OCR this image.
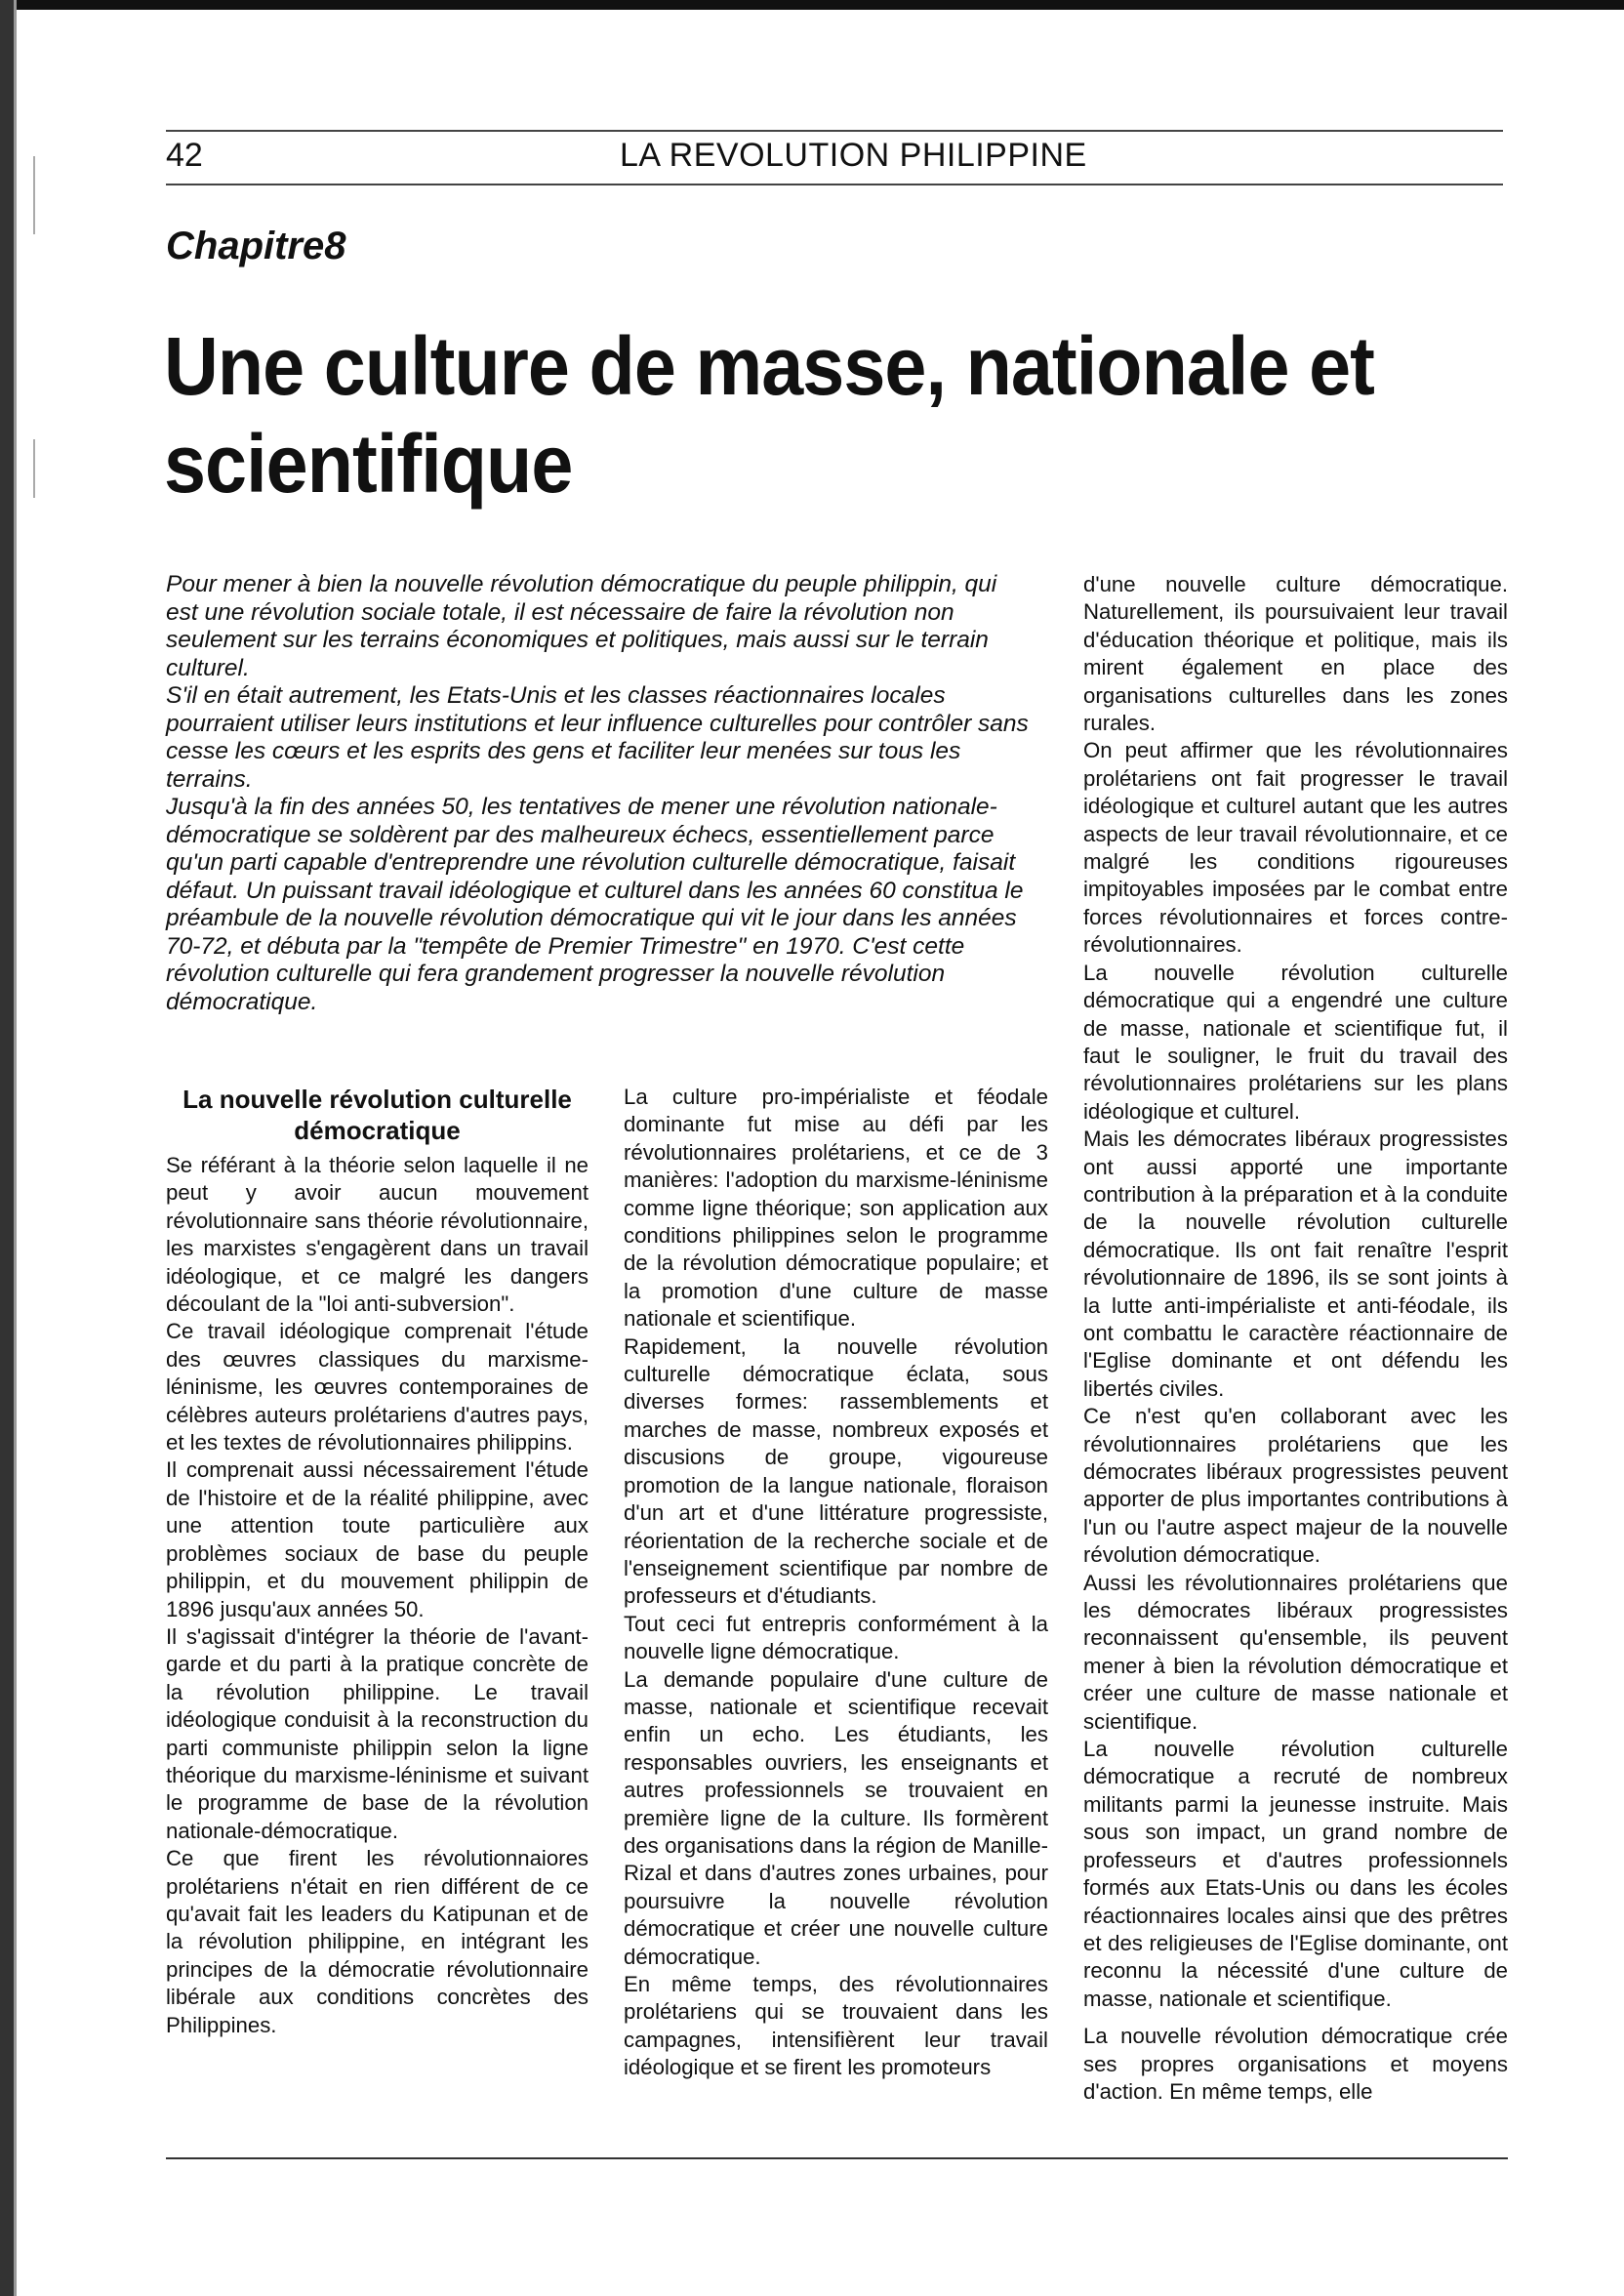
42	LA REVOLUTION PHILIPPINE
Chapitre8
Une culture de masse, nationale et scientifique

Pour mener à bien la nouvelle révolution démocratique du peuple philippin, qui est une révolution sociale totale, il est nécessaire de faire la révolution non seulement sur les terrains économiques et politiques, mais aussi sur le terrain culturel.

S'il en était autrement, les Etats-Unis et les classes réactionnaires locales pourraient utiliser leurs institutions et leur influence culturelles pour contrôler sans cesse les cœurs et les esprits des gens et faciliter leur menées sur tous les terrains.

Jusqu'à la fin des années 50, les tentatives de mener une révolution nationale-démocratique se soldèrent par des malheureux échecs, essentiellement parce qu'un parti capable d'entreprendre une révolution culturelle démocratique, faisait défaut. Un puissant travail idéologique et culturel dans les années 60 constitua le préambule de la nouvelle révolution démocratique qui vit le jour dans les années 70-72, et débuta par la "tempête de Premier Trimestre" en 1970. C'est cette révolution culturelle qui fera grandement progresser la nouvelle révolution démocratique.

La nouvelle révolution culturelle démocratique

Se référant à la théorie selon laquelle il ne peut y avoir aucun mouvement révolutionnaire sans théorie révolutionnaire, les marxistes s'engagèrent dans un travail idéologique, et ce malgré les dangers découlant de la "loi anti-subversion".

Ce travail idéologique comprenait l'étude des œuvres classiques du marxisme-léninisme, les œuvres contemporaines de célèbres auteurs prolétariens d'autres pays, et les textes de révolutionnaires philippins.

Il comprenait aussi nécessairement l'étude de l'histoire et de la réalité philippine, avec une attention toute particulière aux problèmes sociaux de base du peuple philippin, et du mouvement philippin de 1896 jusqu'aux années 50.

Il s'agissait d'intégrer la théorie de l'avant-garde et du parti à la pratique concrète de la révolution philippine. Le travail idéologique conduisit à la reconstruction du parti communiste philippin selon la ligne théorique du marxisme-léninisme et suivant le programme de base de la révolution nationale-démocratique.

Ce que firent les révolutionnaiores prolétariens n'était en rien différent de ce qu'avait fait les leaders du Katipunan et de la révolution philippine, en intégrant les principes de la démocratie révolutionnaire libérale aux conditions concrètes des Philippines.

La culture pro-impérialiste et féodale dominante fut mise au défi par les révolutionnaires prolétariens, et ce de 3 manières: l'adoption du marxisme-léninisme comme ligne théorique; son application aux conditions philippines selon le programme de la révolution démocratique populaire; et la promotion d'une culture de masse nationale et scientifique.

Rapidement, la nouvelle révolution culturelle démocratique éclata, sous diverses formes: rassemblements et marches de masse, nombreux exposés et discusions de groupe, vigoureuse promotion de la langue nationale, floraison d'un art et d'une littérature progressiste, réorientation de la recherche sociale et de l'enseignement scientifique par nombre de professeurs et d'étudiants.

Tout ceci fut entrepris conformément à la nouvelle ligne démocratique.

La demande populaire d'une culture de masse, nationale et scientifique recevait enfin un echo. Les étudiants, les responsables ouvriers, les enseignants et autres professionnels se trouvaient en première ligne de la culture. Ils formèrent des organisations dans la région de Manille-Rizal et dans d'autres zones urbaines, pour poursuivre la nouvelle révolution démocratique et créer une nouvelle culture démocratique.

En même temps, des révolutionnaires prolétariens qui se trouvaient dans les campagnes, intensifièrent leur travail idéologique et se firent les promoteurs

d'une nouvelle culture démocratique. Naturellement, ils poursuivaient leur travail d'éducation théorique et politique, mais ils mirent également en place des organisations culturelles dans les zones rurales.

On peut affirmer que les révolutionnaires prolétariens ont fait progresser le travail idéologique et culturel autant que les autres aspects de leur travail révolutionnaire, et ce malgré les conditions rigoureuses impitoyables imposées par le combat entre forces révolutionnaires et forces contre-révolutionnaires.

La nouvelle révolution culturelle démocratique qui a engendré une culture de masse, nationale et scientifique fut, il faut le souligner, le fruit du travail des révolutionnaires prolétariens sur les plans idéologique et culturel.

Mais les démocrates libéraux progressistes ont aussi apporté une importante contribution à la préparation et à la conduite de la nouvelle révolution culturelle démocratique. Ils ont fait renaître l'esprit révolutionnaire de 1896, ils se sont joints à la lutte anti-impérialiste et anti-féodale, ils ont combattu le caractère réactionnaire de l'Eglise dominante et ont défendu les libertés civiles.

Ce n'est qu'en collaborant avec les révolutionnaires prolétariens que les démocrates libéraux progressistes peuvent apporter de plus importantes contributions à l'un ou l'autre aspect majeur de la nouvelle révolution démocratique.

Aussi les révolutionnaires prolétariens que les démocrates libéraux progressistes reconnaissent qu'ensemble, ils peuvent mener à bien la révolution démocratique et créer une culture de masse nationale et scientifique.

La nouvelle révolution culturelle démocratique a recruté de nombreux militants parmi la jeunesse instruite. Mais sous son impact, un grand nombre de professeurs et d'autres professionnels formés aux Etats-Unis ou dans les écoles réactionnaires locales ainsi que des prêtres et des religieuses de l'Eglise dominante, ont reconnu la nécessité d'une culture de masse, nationale et scientifique.

La nouvelle révolution démocratique crée ses propres organisations et moyens d'action. En même temps, elle
